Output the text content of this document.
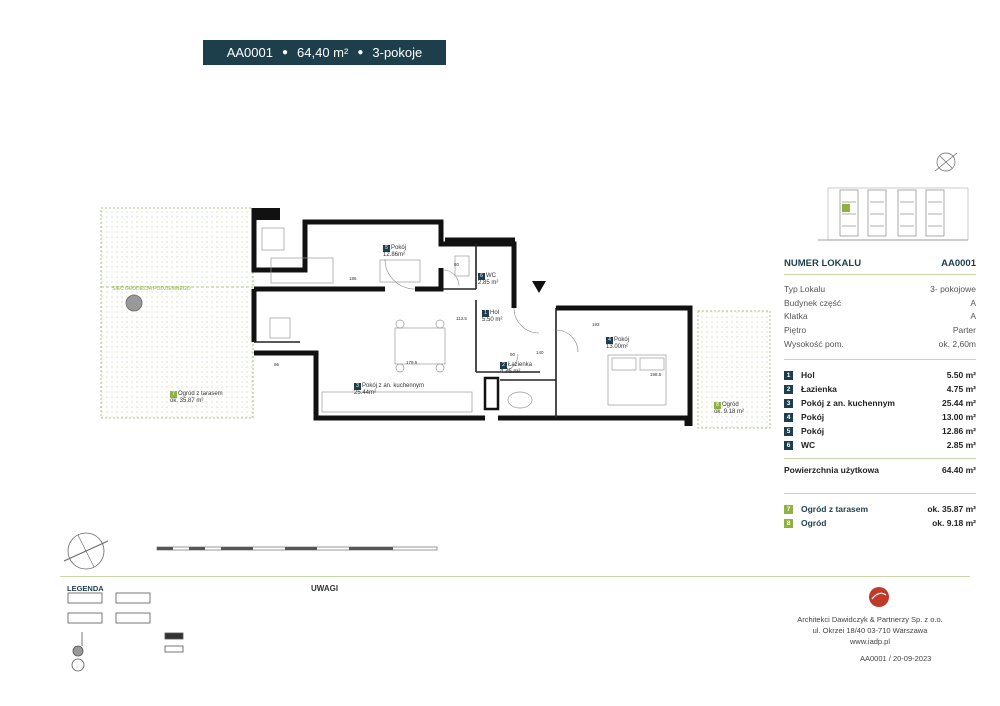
AA0001 ● 64,40 m² ● 3-pokoje
5 Pokój
12.86m²
6 WC
2.85 m²
1 Hol
5.50 m²
4 Pokój
13.00m²
2 Łazienka
4.75 m²
3 Pokój z an. kuchennym
25.44m²
7 Ogród z tarasem
ok. 35.87 m²
8 Ogród
ok. 9.18 m²
SIEĆ GEODEZJA PODZIEMNEGO
186
179.5
96
113.5
198.5
193
140
90
80	NUMER LOKALU	AA0001
Typ Lokalu	3- pokojowe
Budynek część	A
Klatka	A
Piętro	Parter
Wysokość pom.	ok. 2,60m
1	Hol	5.50 m²
2	Łazienka	4.75 m²
3	Pokój z an. kuchennym	25.44 m²
4	Pokój	13.00 m²
5	Pokój	12.86 m²
6	WC	2.85 m²
Powierzchnia użytkowa	64.40 m²
7	Ogród z tarasem	ok. 35.87 m²
8	Ogród	ok. 9.18 m²
LEGENDA	UWAGI
Architekci Dawidczyk & Partnerzy Sp. z o.o.
ul. Okrzei 18/40 03-710 Warszawa
www.iadp.pl
AA0001 / 20-09-2023
